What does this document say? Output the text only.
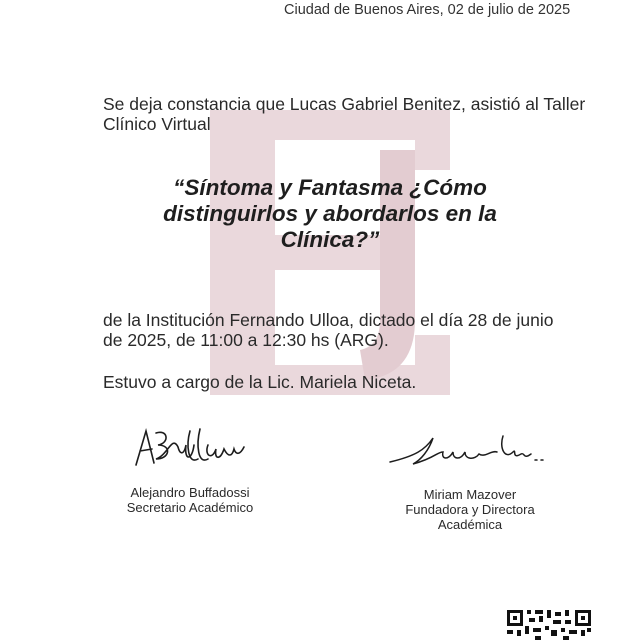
Ciudad de Buenos Aires, 02 de julio de 2025
Se deja constancia que Lucas Gabriel Benitez, asistió al Taller Clínico Virtual
“Síntoma y Fantasma ¿Cómo distinguirlos y abordarlos en la Clínica?”
de la Institución Fernando Ulloa, dictado el día 28 de junio de 2025, de 11:00 a 12:30 hs (ARG).
Estuvo a cargo de la Lic. Mariela Niceta.
Alejandro Buffadossi
Secretario Académico
Miriam Mazover
Fundadora y Directora Académica
